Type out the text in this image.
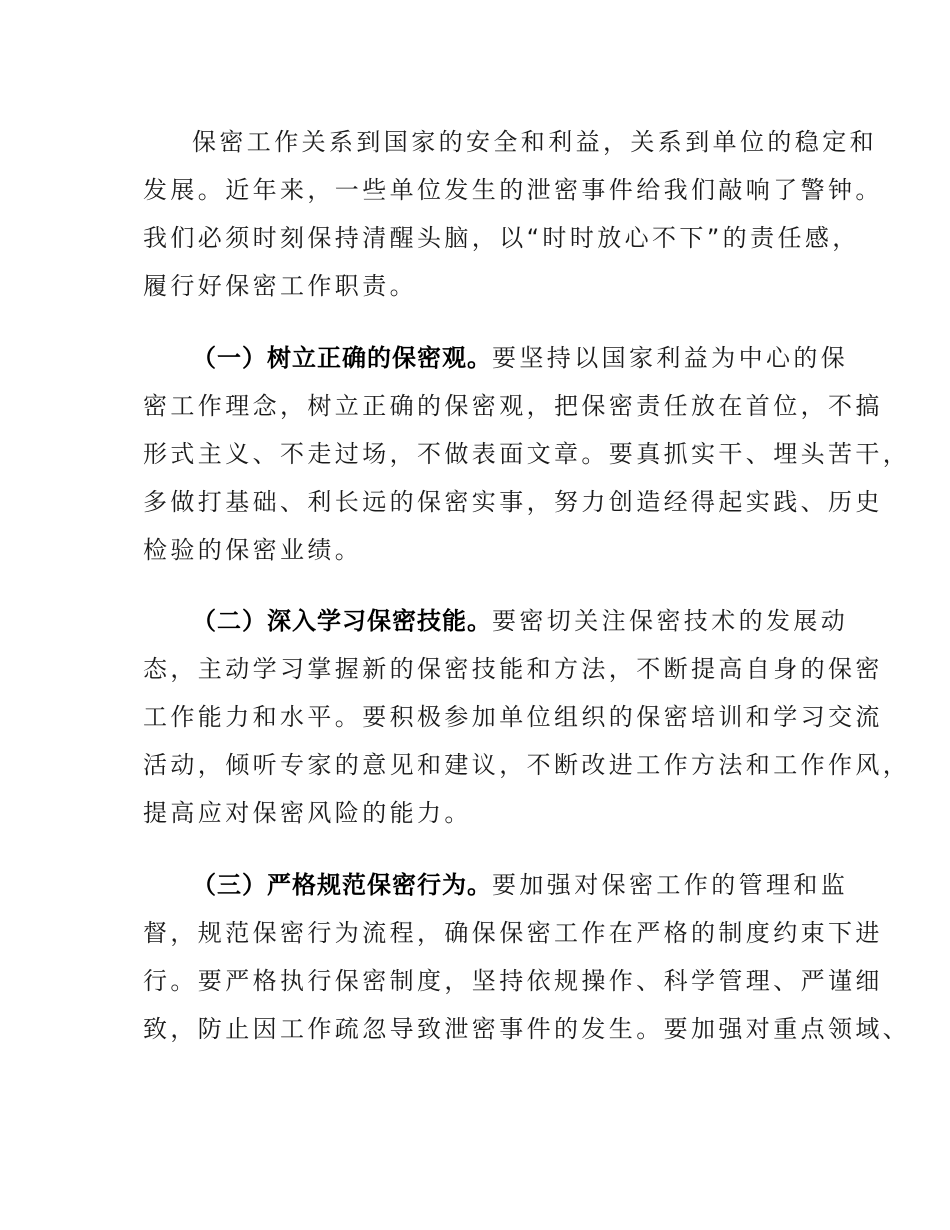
保密工作关系到国家的安全和利益，关系到单位的稳定和

发展。近年来，一些单位发生的泄密事件给我们敲响了警钟。

我们必须时刻保持清醒头脑，以“时时放心不下”的责任感，

履行好保密工作职责。

（一）树立正确的保密观。要坚持以国家利益为中心的保

密工作理念，树立正确的保密观，把保密责任放在首位，不搞

形式主义、不走过场，不做表面文章。要真抓实干、埋头苦干，

多做打基础、利长远的保密实事，努力创造经得起实践、历史

检验的保密业绩。

（二）深入学习保密技能。要密切关注保密技术的发展动

态，主动学习掌握新的保密技能和方法，不断提高自身的保密

工作能力和水平。要积极参加单位组织的保密培训和学习交流

活动，倾听专家的意见和建议，不断改进工作方法和工作作风，

提高应对保密风险的能力。

（三）严格规范保密行为。要加强对保密工作的管理和监

督，规范保密行为流程，确保保密工作在严格的制度约束下进

行。要严格执行保密制度，坚持依规操作、科学管理、严谨细

致，防止因工作疏忽导致泄密事件的发生。要加强对重点领域、
